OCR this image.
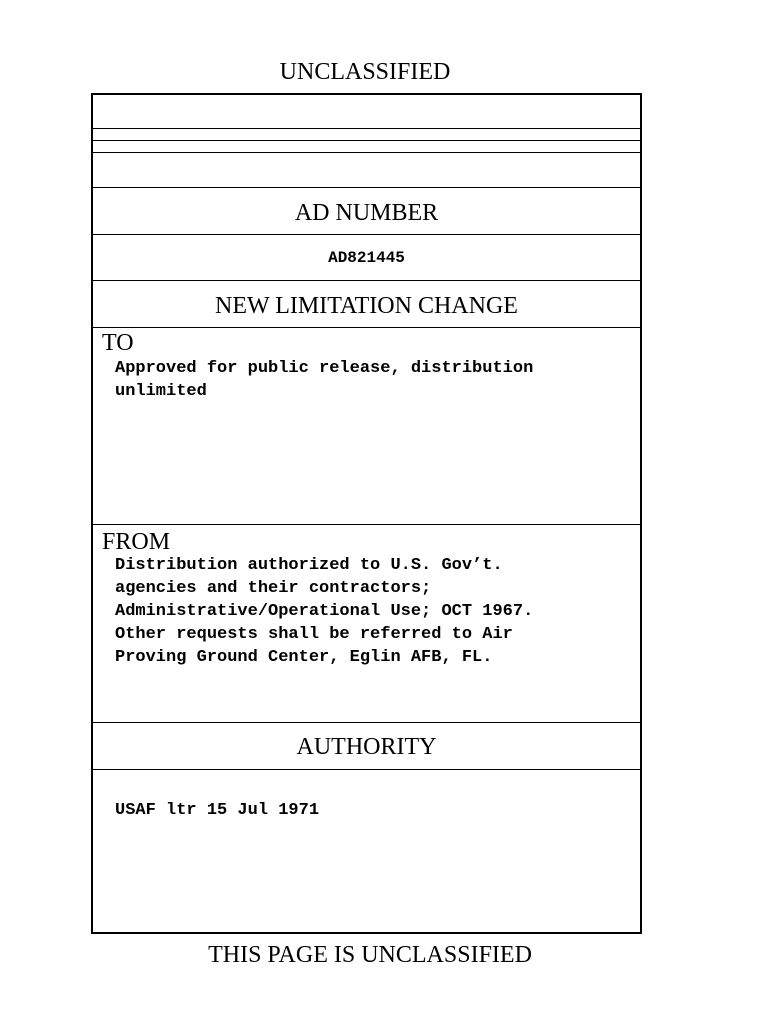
UNCLASSIFIED
AD NUMBER
AD821445
NEW LIMITATION CHANGE
TO
Approved for public release, distribution
unlimited
FROM
Distribution authorized to U.S. Gov’t.
agencies and their contractors;
Administrative/Operational Use; OCT 1967.
Other requests shall be referred to Air
Proving Ground Center, Eglin AFB, FL.
AUTHORITY
USAF ltr 15 Jul 1971
THIS PAGE IS UNCLASSIFIED
